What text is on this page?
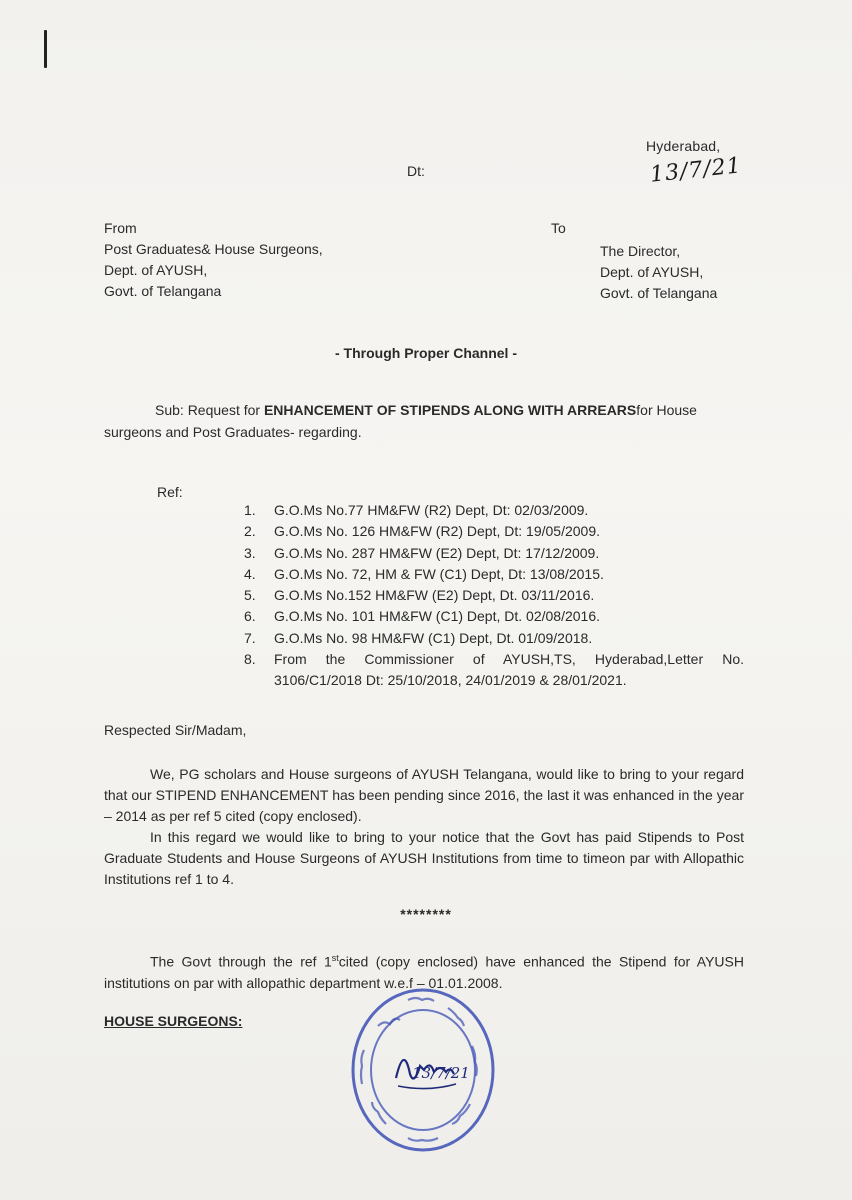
Hyderabad,
13/7/21
Dt:
From
Post Graduates& House Surgeons,
Dept. of AYUSH,
Govt. of Telangana
To
The Director,
Dept. of AYUSH,
Govt. of Telangana
- Through Proper Channel -
Sub: Request for ENHANCEMENT OF STIPENDS ALONG WITH ARREARSfor House surgeons and Post Graduates- regarding.
Ref:
1. G.O.Ms No.77 HM&FW (R2) Dept, Dt: 02/03/2009.
2. G.O.Ms No. 126 HM&FW (R2) Dept, Dt: 19/05/2009.
3. G.O.Ms No. 287 HM&FW (E2) Dept, Dt: 17/12/2009.
4. G.O.Ms No. 72, HM & FW (C1) Dept, Dt: 13/08/2015.
5. G.O.Ms No.152 HM&FW (E2) Dept, Dt. 03/11/2016.
6. G.O.Ms No. 101 HM&FW (C1) Dept, Dt. 02/08/2016.
7. G.O.Ms No. 98 HM&FW (C1) Dept, Dt. 01/09/2018.
8. From the Commissioner of AYUSH,TS, Hyderabad,Letter No. 3106/C1/2018 Dt: 25/10/2018, 24/01/2019 & 28/01/2021.
Respected Sir/Madam,
We, PG scholars and House surgeons of AYUSH Telangana, would like to bring to your regard that our STIPEND ENHANCEMENT has been pending since 2016, the last it was enhanced in the year – 2014 as per ref 5 cited (copy enclosed).
In this regard we would like to bring to your notice that the Govt has paid Stipends to Post Graduate Students and House Surgeons of AYUSH Institutions from time to timeon par with Allopathic Institutions ref 1 to 4.
********
The Govt through the ref 1stcited (copy enclosed) have enhanced the Stipend for AYUSH institutions on par with allopathic department w.e.f – 01.01.2008.
HOUSE SURGEONS:
13/7/21
